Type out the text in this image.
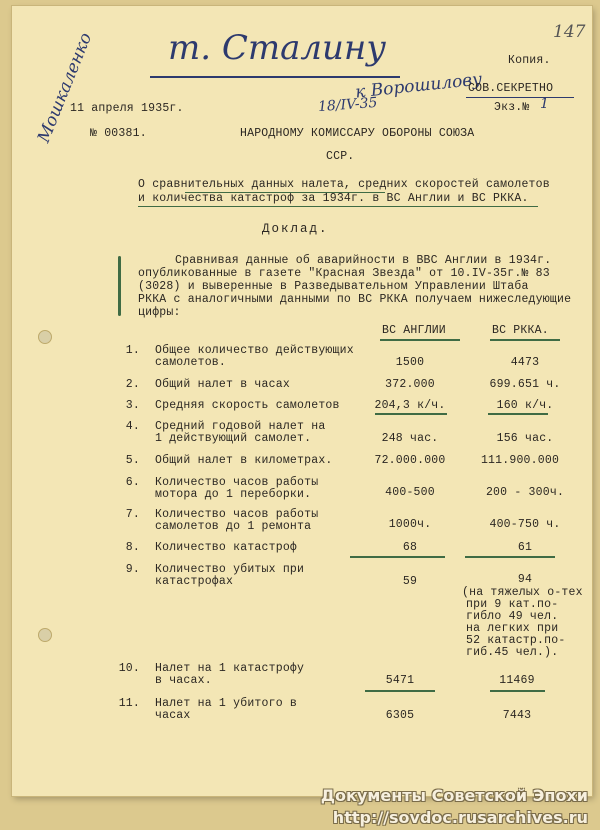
147
т. Сталину	Копия.
к Ворошилову
СОВ.СЕКРЕТНО
18/IV-35	Экз.№ 1
11 апреля 1935г.
№ 00381.	НАРОДНОМУ КОМИССАРУ ОБОРОНЫ СОЮЗА
ССР.
Мошкаленко
О сравнительных данных налета, средних скоростей самолетов
и количества катастроф за 1934г. в ВС Англии и ВС РККА.
Доклад.
Сравнивая данные об аварийности в ВВС Англии в 1934г.
опубликованные в газете "Красная Звезда" от 10.IV-35г.№ 83
(3028) и выверенные в Разведывательном Управлении Штаба
РККА с аналогичными данными по ВС РККА получаем нижеследующие
цифры:
ВС АНГЛИИ	ВС РККА.
1. Общее количество действующих
самолетов.	1500	4473
2. Общий налет в часах	372.000	699.651 ч.
3. Средняя скорость самолетов	204,3 к/ч.	160 к/ч.
4. Средний годовой налет на
1 действующий самолет.	248 час.	156 час.
5. Общий налет в километрах.	72.000.000	111.900.000
6. Количество часов работы
мотора до 1 переборки.	400-500	200 - 300ч.
7. Количество часов работы
самолетов до 1 ремонта	1000ч.	400-750 ч.
8. Количество катастроф	68	61
9. Количество убитых при
катастрофах	59	94
(на тяжелых о-тех
при 9 кат.по-
гибло 49 чел.
на легких при
52 катастр.по-
гиб.45 чел.).
10. Налет на 1 катастрофу
в часах.	5471	11469
11. Налет на 1 убитого в
часах	6305	7443
Документы Советской Эпохи
http://sovdoc.rusarchives.ru
